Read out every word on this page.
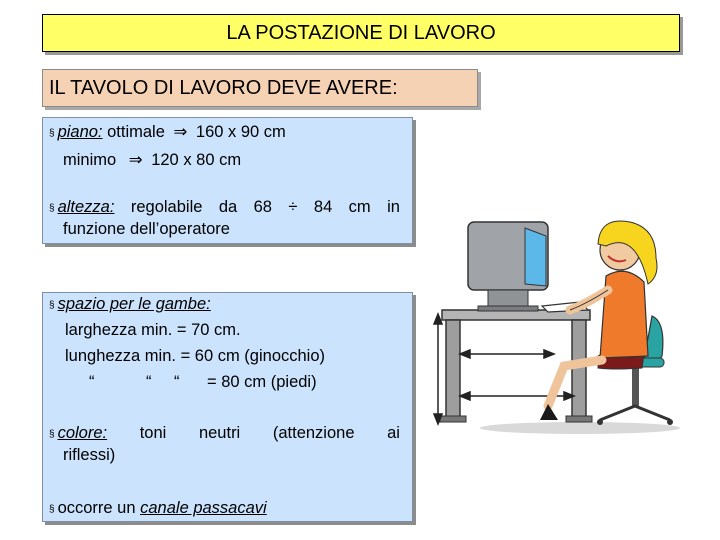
LA POSTAZIONE DI LAVORO
IL TAVOLO DI LAVORO DEVE AVERE:
§ piano: ottimale ⇒ 160 x 90 cm
minimo ⇒ 120 x 80 cm
§ altezza: regolabile da 68 ÷ 84 cm in
funzione dell’operatore
§ spazio per le gambe:
larghezza min. = 70 cm.
lunghezza min. = 60 cm (ginocchio)
“	“ “ = 80 cm (piedi)
§ colore: toni neutri (attenzione ai
riflessi)
§ occorre un canale passacavi
